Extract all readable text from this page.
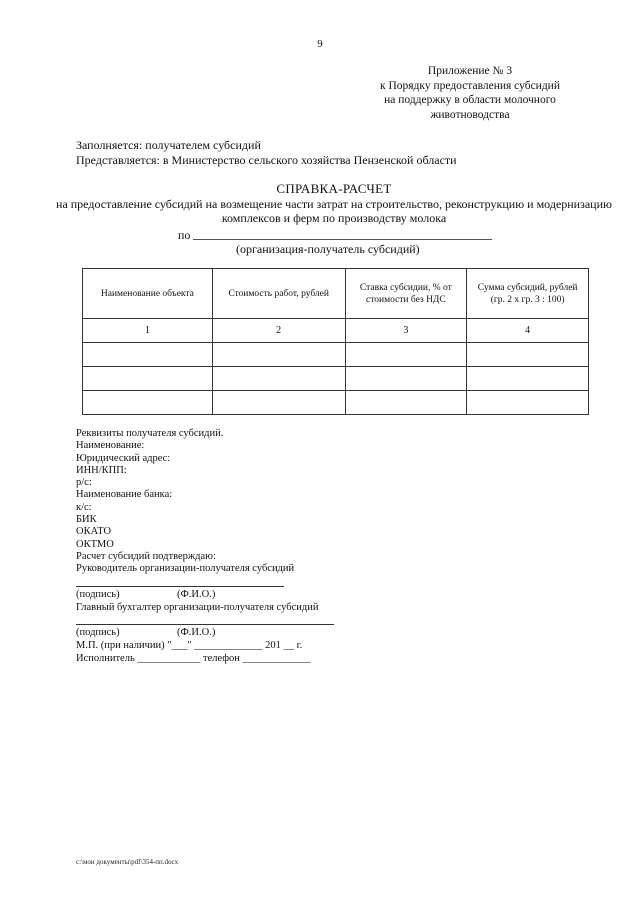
9
Приложение № 3
к Порядку предоставления субсидий
на поддержку в области молочного
животноводства
Заполняется: получателем субсидий
Представляется: в Министерство сельского хозяйства Пензенской области
СПРАВКА-РАСЧЕТ
на предоставление субсидий на возмещение части затрат на строительство, реконструкцию и модернизацию комплексов и ферм по производству молока
по
(организация-получатель субсидий)
Наименование объекта	Стоимость работ, рублей	Ставка субсидии, % от стоимости без НДС	Сумма субсидий, рублей (гр. 2 х гр. 3 : 100)
1	2	3	4

Реквизиты получателя субсидий.
Наименование:
Юридический адрес:
ИНН/КПП:
р/с:
Наименование банка:
к/с:
БИК
ОКАТО
ОКТМО
Расчет субсидий подтверждаю:
Руководитель организации-получателя субсидий
(подпись)	(Ф.И.О.)
Главный бухгалтер организации-получателя субсидий
(подпись)	(Ф.И.О.)
М.П. (при наличии) "___" _____________ 201 __ г.
Исполнитель ____________ телефон _____________
c:\мои документы\pdf\354-пп.docx
